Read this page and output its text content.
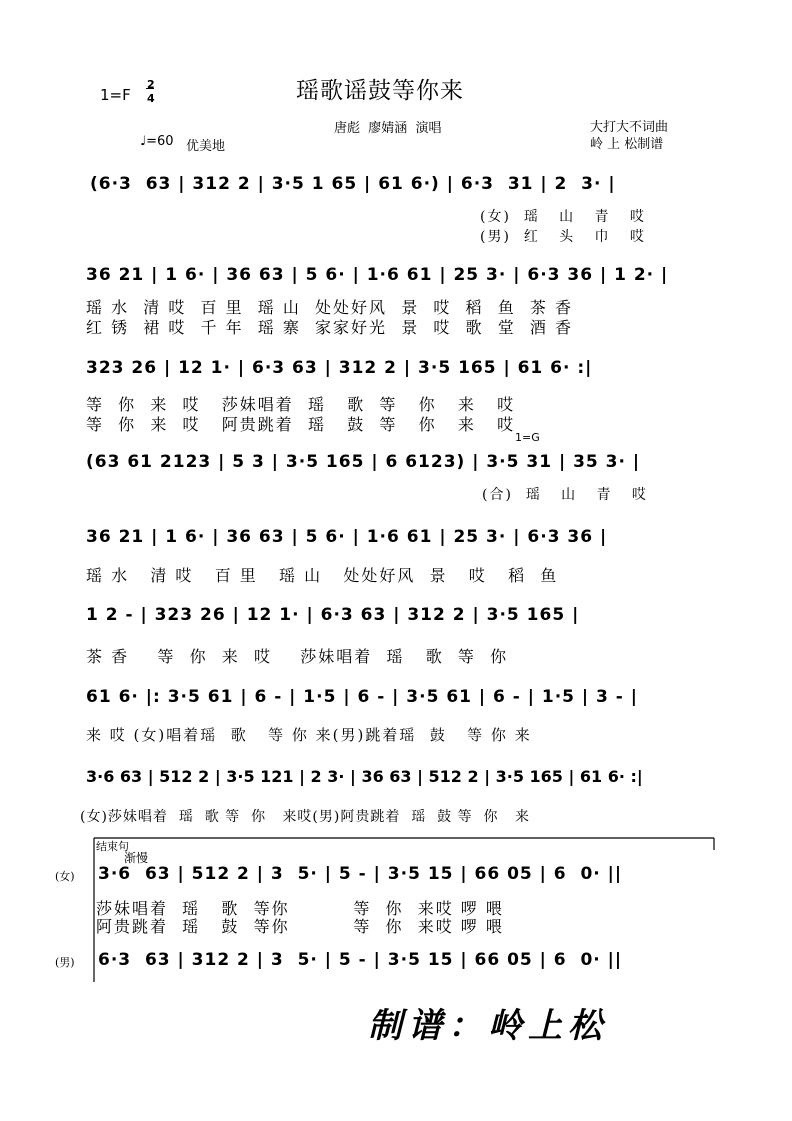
1=F
2
4	瑶歌谣鼓等你来
唐彪  廖婧涵  演唱	大打大不词曲
岭 上 松制谱
♩=60 优美地
(6·3  63 | 312 2 | 3·5 1 65 | 61 6·) | 6·3  31 | 2  3· |
(女)  瑶   山   青   哎
(男)  红   头   巾   哎
36 21 | 1 6· | 36 63 | 5 6· | 1·6 61 | 25 3· | 6·3 36 | 1 2· |
瑶 水  清 哎  百 里  瑶 山  处处好风  景  哎  稻  鱼  茶 香
红 锈  裙 哎  千 年  瑶 寨  家家好光  景  哎  歌  堂  酒 香
323 26 | 12 1· | 6·3 63 | 312 2 | 3·5 165 | 61 6· :|
等  你  来  哎   莎妹唱着  瑶   歌  等   你   来   哎
等  你  来  哎   阿贵跳着  瑶   鼓  等   你   来   哎
1=G
(63 61 2123 | 5 3 | 3·5 165 | 6 6123) | 3·5 31 | 35 3· |
(合)  瑶   山   青   哎
36 21 | 1 6· | 36 63 | 5 6· | 1·6 61 | 25 3· | 6·3 36 |
瑶 水   清 哎   百 里   瑶 山   处处好风  景   哎   稻  鱼
1 2 - | 323 26 | 12 1· | 6·3 63 | 312 2 | 3·5 165 |
茶 香    等  你  来  哎    莎妹唱着  瑶   歌  等  你
61 6· |: 3·5 61 | 6 - | 1·5 | 6 - | 3·5 61 | 6 - | 1·5 | 3 - |
来 哎 (女)唱着瑶  歌   等 你 来(男)跳着瑶  鼓   等 你 来
3·6 63 | 512 2 | 3·5 121 | 2 3· | 36 63 | 512 2 | 3·5 165 | 61 6· :|
(女)莎妹唱着  瑶  歌 等  你   来哎(男)阿贵跳着  瑶  鼓 等  你   来
结束句
渐慢
(女) 3·6  63 | 512 2 | 3  5· | 5 - | 3·5 15 | 66 05 | 6  0· ||
莎妹唱着  瑶   歌  等你         等  你  来哎 啰 喂
阿贵跳着  瑶   鼓  等你         等  你  来哎 啰 喂
(男) 6·3  63 | 312 2 | 3  5· | 5 - | 3·5 15 | 66 05 | 6  0· ||
制谱：岭上松
